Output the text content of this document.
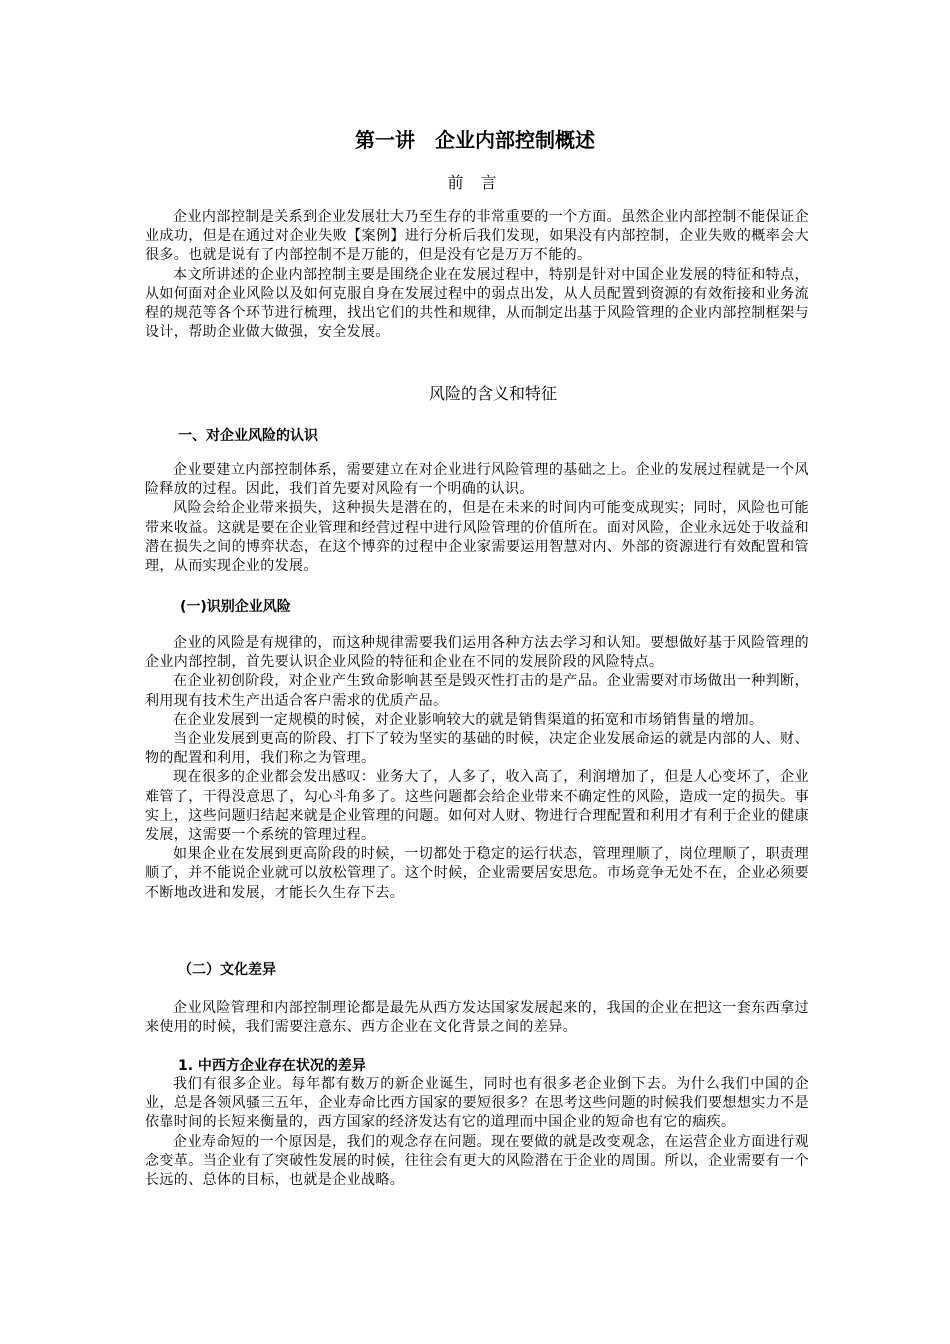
第一讲　企业内部控制概述
前 言

企业内部控制是关系到企业发展壮大乃至生存的非常重要的一个方面。虽然企业内部控制不能保证企业成功，但是在通过对企业失败【案例】进行分析后我们发现，如果没有内部控制，企业失败的概率会大很多。也就是说有了内部控制不是万能的，但是没有它是万万不能的。

本文所讲述的企业内部控制主要是围绕企业在发展过程中，特别是针对中国企业发展的特征和特点，从如何面对企业风险以及如何克服自身在发展过程中的弱点出发，从人员配置到资源的有效衔接和业务流程的规范等各个环节进行梳理，找出它们的共性和规律，从而制定出基于风险管理的企业内部控制框架与设计，帮助企业做大做强，安全发展。

风险的含义和特征
一、对企业风险的认识

企业要建立内部控制体系，需要建立在对企业进行风险管理的基础之上。企业的发展过程就是一个风险释放的过程。因此，我们首先要对风险有一个明确的认识。

风险会给企业带来损失，这种损失是潜在的，但是在未来的时间内可能变成现实；同时，风险也可能带来收益。这就是要在企业管理和经营过程中进行风险管理的价值所在。面对风险，企业永远处于收益和潜在损失之间的博弈状态，在这个博弈的过程中企业家需要运用智慧对内、外部的资源进行有效配置和管理，从而实现企业的发展。

(一)识别企业风险

企业的风险是有规律的，而这种规律需要我们运用各种方法去学习和认知。要想做好基于风险管理的企业内部控制，首先要认识企业风险的特征和企业在不同的发展阶段的风险特点。

在企业初创阶段，对企业产生致命影响甚至是毁灭性打击的是产品。企业需要对市场做出一种判断，利用现有技术生产出适合客户需求的优质产品。

在企业发展到一定规模的时候，对企业影响较大的就是销售渠道的拓宽和市场销售量的增加。

当企业发展到更高的阶段、打下了较为坚实的基础的时候，决定企业发展命运的就是内部的人、财、物的配置和利用，我们称之为管理。

现在很多的企业都会发出感叹：业务大了，人多了，收入高了，利润增加了，但是人心变坏了，企业难管了，干得没意思了，勾心斗角多了。这些问题都会给企业带来不确定性的风险，造成一定的损失。事实上，这些问题归结起来就是企业管理的问题。如何对人财、物进行合理配置和利用才有利于企业的健康发展，这需要一个系统的管理过程。

如果企业在发展到更高阶段的时候，一切都处于稳定的运行状态，管理理顺了，岗位理顺了，职责理顺了，并不能说企业就可以放松管理了。这个时候，企业需要居安思危。市场竞争无处不在，企业必须要不断地改进和发展，才能长久生存下去。

（二）文化差异

企业风险管理和内部控制理论都是最先从西方发达国家发展起来的，我国的企业在把这一套东西拿过来使用的时候，我们需要注意东、西方企业在文化背景之间的差异。

1. 中西方企业存在状况的差异

我们有很多企业。每年都有数万的新企业诞生，同时也有很多老企业倒下去。为什么我们中国的企业，总是各领风骚三五年，企业寿命比西方国家的要短很多？在思考这些问题的时候我们要想想实力不是依靠时间的长短来衡量的，西方国家的经济发达有它的道理而中国企业的短命也有它的痼疾。

企业寿命短的一个原因是，我们的观念存在问题。现在要做的就是改变观念，在运营企业方面进行观念变革。当企业有了突破性发展的时候，往往会有更大的风险潜在于企业的周围。所以，企业需要有一个长远的、总体的目标，也就是企业战略。
